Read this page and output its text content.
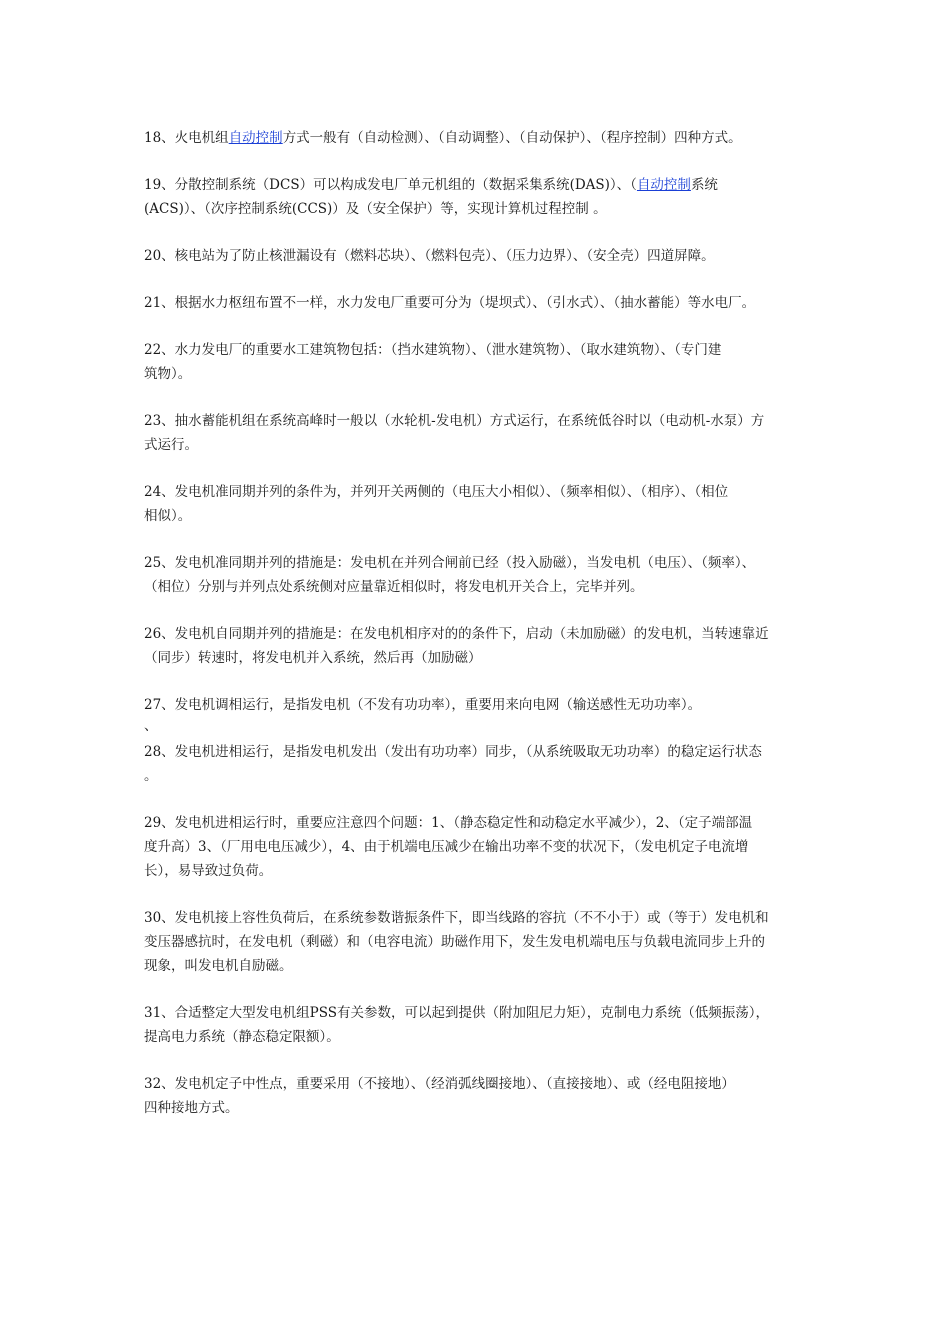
18、火电机组自动控制方式一般有（自动检测）、（自动调整）、（自动保护）、（程序控制）四种方式。

19、分散控制系统（DCS）可以构成发电厂单元机组的（数据采集系统(DAS)）、（自动控制系统
(ACS)）、（次序控制系统(CCS)）及（安全保护）等，实现计算机过程控制 。

20、核电站为了防止核泄漏设有（燃料芯块）、（燃料包壳）、（压力边界）、（安全壳）四道屏障。

21、根据水力枢纽布置不一样，水力发电厂重要可分为（堤坝式）、（引水式）、（抽水蓄能）等水电厂。

22、水力发电厂的重要水工建筑物包括：（挡水建筑物）、（泄水建筑物）、（取水建筑物）、（专门建
筑物）。

23、抽水蓄能机组在系统高峰时一般以（水轮机-发电机）方式运行，在系统低谷时以（电动机-水泵）方
式运行。

24、发电机准同期并列的条件为，并列开关两侧的（电压大小相似）、（频率相似）、（相序）、（相位
相似）。

25、发电机准同期并列的措施是：发电机在并列合闸前已经（投入励磁），当发电机（电压）、（频率）、
（相位）分别与并列点处系统侧对应量靠近相似时，将发电机开关合上，完毕并列。

26、发电机自同期并列的措施是：在发电机相序对的的条件下，启动（未加励磁）的发电机，当转速靠近
（同步）转速时，将发电机并入系统，然后再（加励磁）

27、发电机调相运行，是指发电机（不发有功功率），重要用来向电网（输送感性无功功率）。

、

28、发电机进相运行，是指发电机发出（发出有功功率）同步，（从系统吸取无功功率）的稳定运行状态
。

29、发电机进相运行时，重要应注意四个问题：1、（静态稳定性和动稳定水平减少），2、（定子端部温
度升高）3、（厂用电电压减少），4、由于机端电压减少在输出功率不变的状况下，（发电机定子电流增
长），易导致过负荷。

30、发电机接上容性负荷后，在系统参数谐振条件下，即当线路的容抗（不不小于）或（等于）发电机和
变压器感抗时，在发电机（剩磁）和（电容电流）助磁作用下，发生发电机端电压与负载电流同步上升的
现象，叫发电机自励磁。

31、合适整定大型发电机组PSS有关参数，可以起到提供（附加阻尼力矩），克制电力系统（低频振荡），
提高电力系统（静态稳定限额）。

32、发电机定子中性点，重要采用（不接地）、（经消弧线圈接地）、（直接接地）、或（经电阻接地）
四种接地方式。
